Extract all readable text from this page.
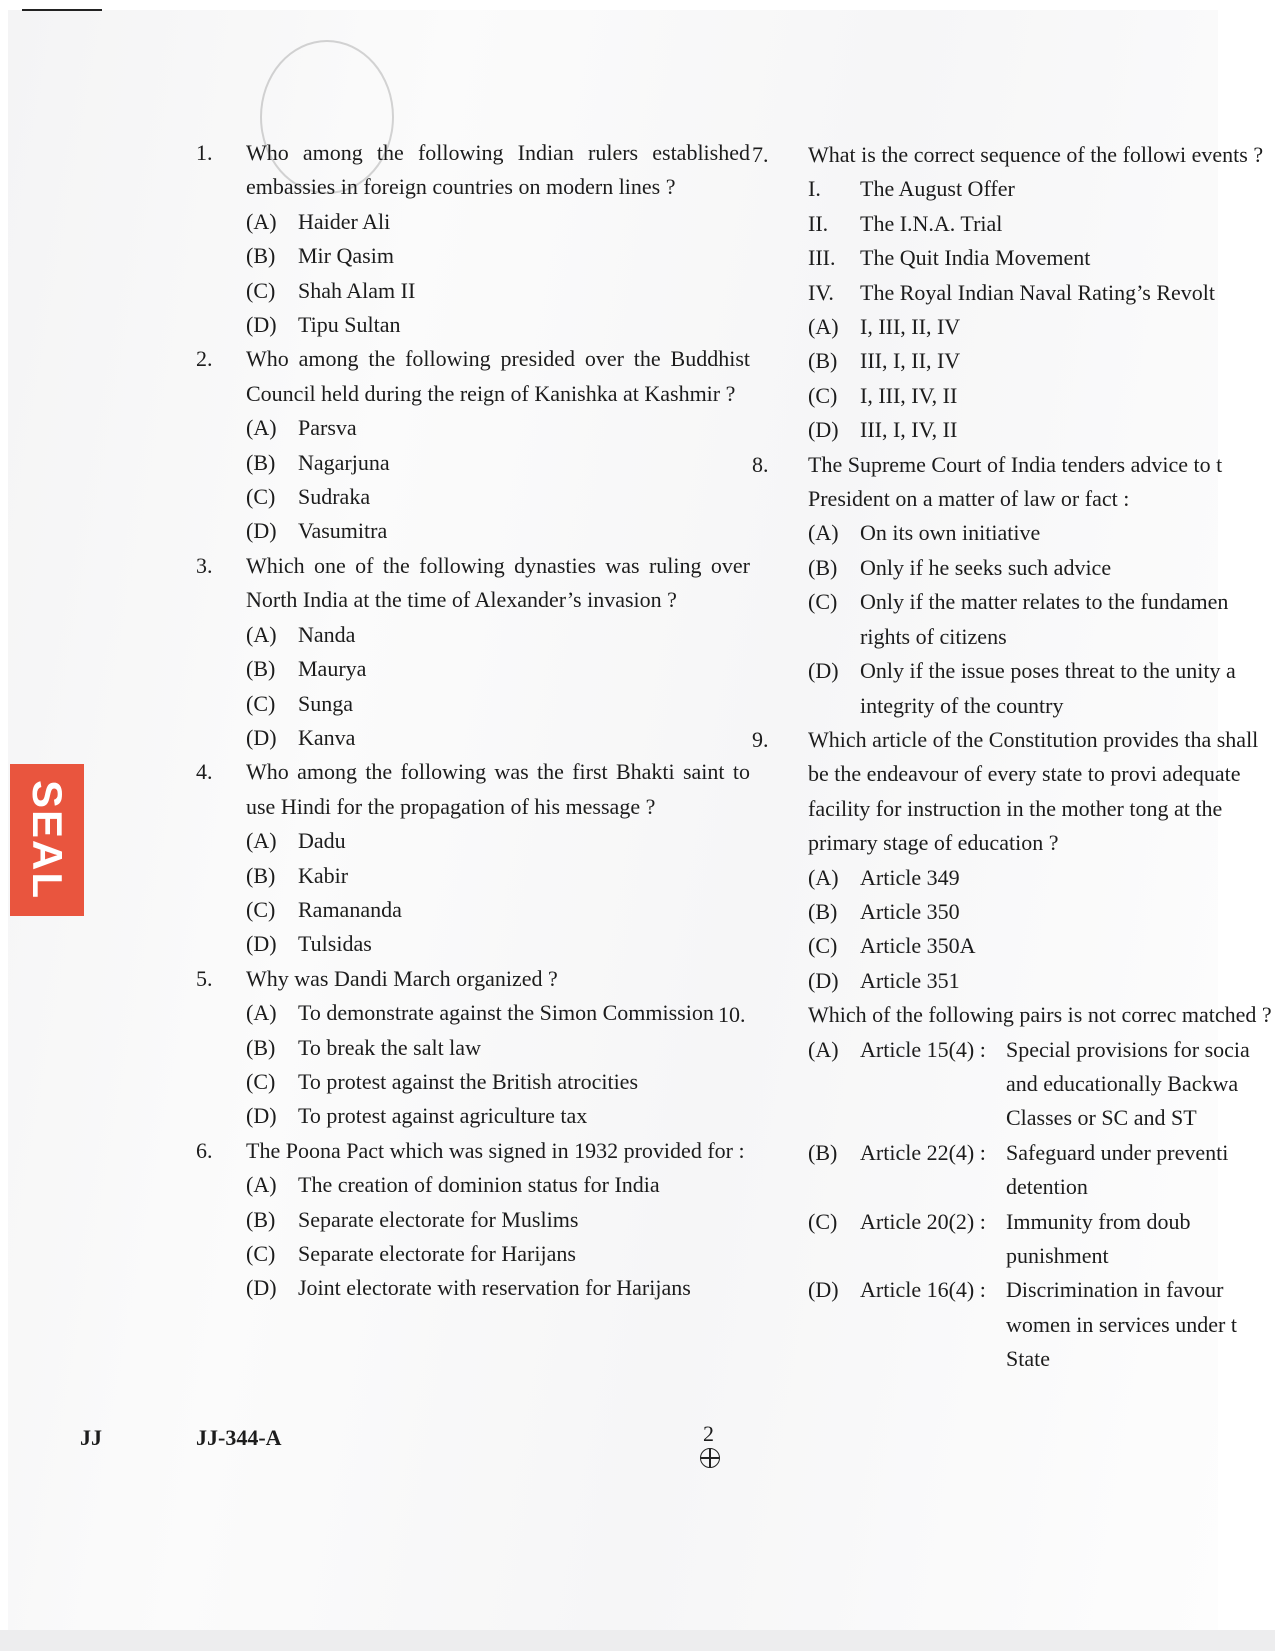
SEAL
1.	Who among the following Indian rulers established embassies in foreign countries on modern lines ?
(A) Haider Ali
(B)	Mir Qasim
(C)	Shah Alam II
(D) Tipu Sultan
2.	Who among the following presided over the Buddhist Council held during the reign of Kanishka at Kashmir ?
(A) Parsva
(B)	Nagarjuna
(C)	Sudraka
(D) Vasumitra
3.	Which one of the following dynasties was ruling over North India at the time of Alexander’s invasion ?
(A) Nanda
(B)	Maurya
(C)	Sunga
(D) Kanva
4.	Who among the following was the first Bhakti saint to use Hindi for the propagation of his message ?
(A) Dadu
(B)	Kabir
(C)	Ramananda
(D) Tulsidas
5.	Why was Dandi March organized ?
(A) To demonstrate against the Simon Commission
(B)	To break the salt law
(C)	To protest against the British atrocities
(D) To protest against agriculture tax
6.	The Poona Pact which was signed in 1932 provided for :
(A) The creation of dominion status for India
(B)	Separate electorate for Muslims
(C)	Separate electorate for Harijans
(D) Joint electorate with reservation for Harijans
7.	What is the correct sequence of the followi events ?
I.	The August Offer
II.	The I.N.A. Trial
III.	The Quit India Movement
IV.	The Royal Indian Naval Rating’s Revolt
(A) I, III, II, IV
(B)	III, I, II, IV
(C)	I, III, IV, II
(D) III, I, IV, II
8.	The Supreme Court of India tenders advice to t President on a matter of law or fact :
(A) On its own initiative
(B)	Only if he seeks such advice
(C)	Only if the matter relates to the fundamen rights of citizens
(D) Only if the issue poses threat to the unity a integrity of the country
9.	Which article of the Constitution provides tha shall be the endeavour of every state to provi adequate facility for instruction in the mother tong at the primary stage of education ?
(A) Article 349
(B)	Article 350
(C)	Article 350A
(D) Article 351
10.	Which of the following pairs is not correc matched ?
(A) Article 15(4) : Special provisions for socia and educationally Backwa Classes or SC and ST
(B)	Article 22(4) : Safeguard under preventi detention
(C)	Article 20(2) : Immunity from doub punishment
(D) Article 16(4) : Discrimination in favour women in services under t State
JJ	JJ-344-A	2
